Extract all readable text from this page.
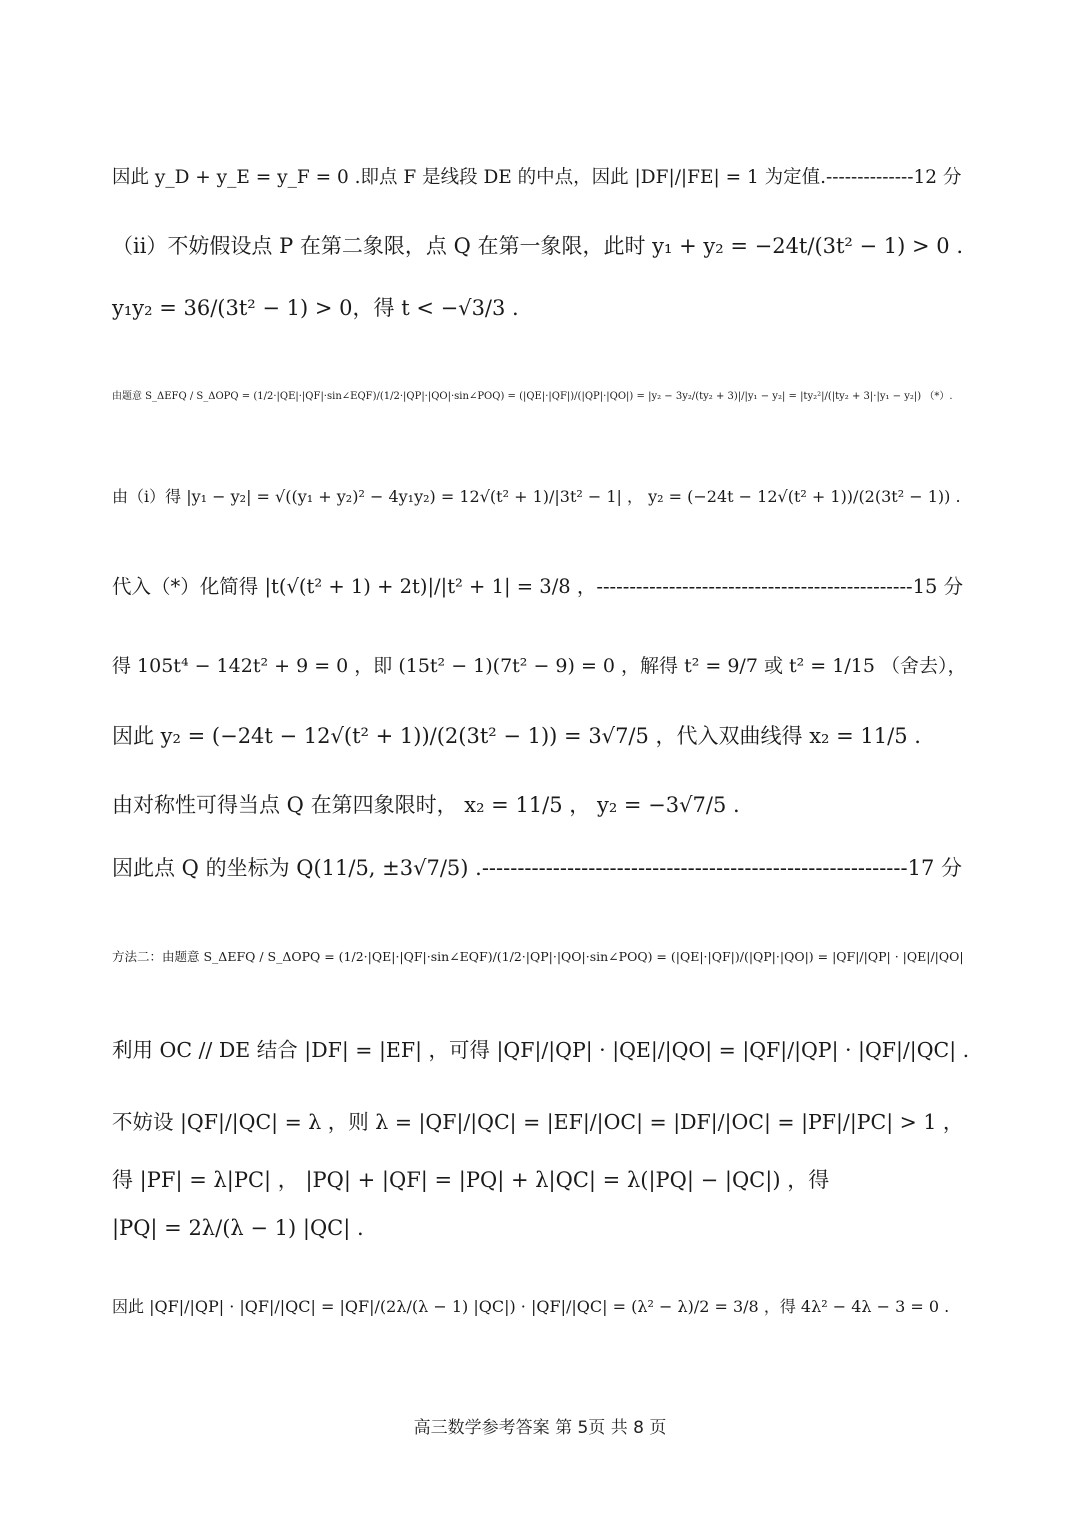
因此 y_D + y_E = y_F = 0 .即点 F 是线段 DE 的中点，因此 |DF|/|FE| = 1 为定值.--------------12 分
（ii）不妨假设点 P 在第二象限，点 Q 在第一象限，此时 y₁ + y₂ = −24t/(3t² − 1) > 0 .
y₁y₂ = 36/(3t² − 1) > 0，得 t < −√3/3 .
由题意 S_ΔEFQ / S_ΔOPQ = (1/2·|QE|·|QF|·sin∠EQF)/(1/2·|QP|·|QO|·sin∠POQ) = (|QE|·|QF|)/(|QP|·|QO|) = |y₂ − 3y₂/(ty₂ + 3)|/|y₁ − y₂| = |ty₂²|/(|ty₂ + 3|·|y₁ − y₂|) （*）.
由（i）得 |y₁ − y₂| = √((y₁ + y₂)² − 4y₁y₂) = 12√(t² + 1)/|3t² − 1| ， y₂ = (−24t − 12√(t² + 1))/(2(3t² − 1)) .
代入（*）化简得 |t(√(t² + 1) + 2t)|/|t² + 1| = 3/8 ，------------------------------------------------15 分
得 105t⁴ − 142t² + 9 = 0 ，即 (15t² − 1)(7t² − 9) = 0 ，解得 t² = 9/7 或 t² = 1/15 （舍去），
因此 y₂ = (−24t − 12√(t² + 1))/(2(3t² − 1)) = 3√7/5 ，代入双曲线得 x₂ = 11/5 .
由对称性可得当点 Q 在第四象限时， x₂ = 11/5 ， y₂ = −3√7/5 .
因此点 Q 的坐标为 Q(11/5, ±3√7/5) .------------------------------------------------------------17 分
方法二：由题意 S_ΔEFQ / S_ΔOPQ = (1/2·|QE|·|QF|·sin∠EQF)/(1/2·|QP|·|QO|·sin∠POQ) = (|QE|·|QF|)/(|QP|·|QO|) = |QF|/|QP| · |QE|/|QO|
利用 OC // DE 结合 |DF| = |EF| ，可得 |QF|/|QP| · |QE|/|QO| = |QF|/|QP| · |QF|/|QC| .
不妨设 |QF|/|QC| = λ ，则 λ = |QF|/|QC| = |EF|/|OC| = |DF|/|OC| = |PF|/|PC| > 1 ，
得 |PF| = λ|PC| ， |PQ| + |QF| = |PQ| + λ|QC| = λ(|PQ| − |QC|) ，得
|PQ| = 2λ/(λ − 1) |QC| .
因此 |QF|/|QP| · |QF|/|QC| = |QF|/(2λ/(λ − 1) |QC|) · |QF|/|QC| = (λ² − λ)/2 = 3/8 ，得 4λ² − 4λ − 3 = 0 .
高三数学参考答案 第 5页 共 8 页
